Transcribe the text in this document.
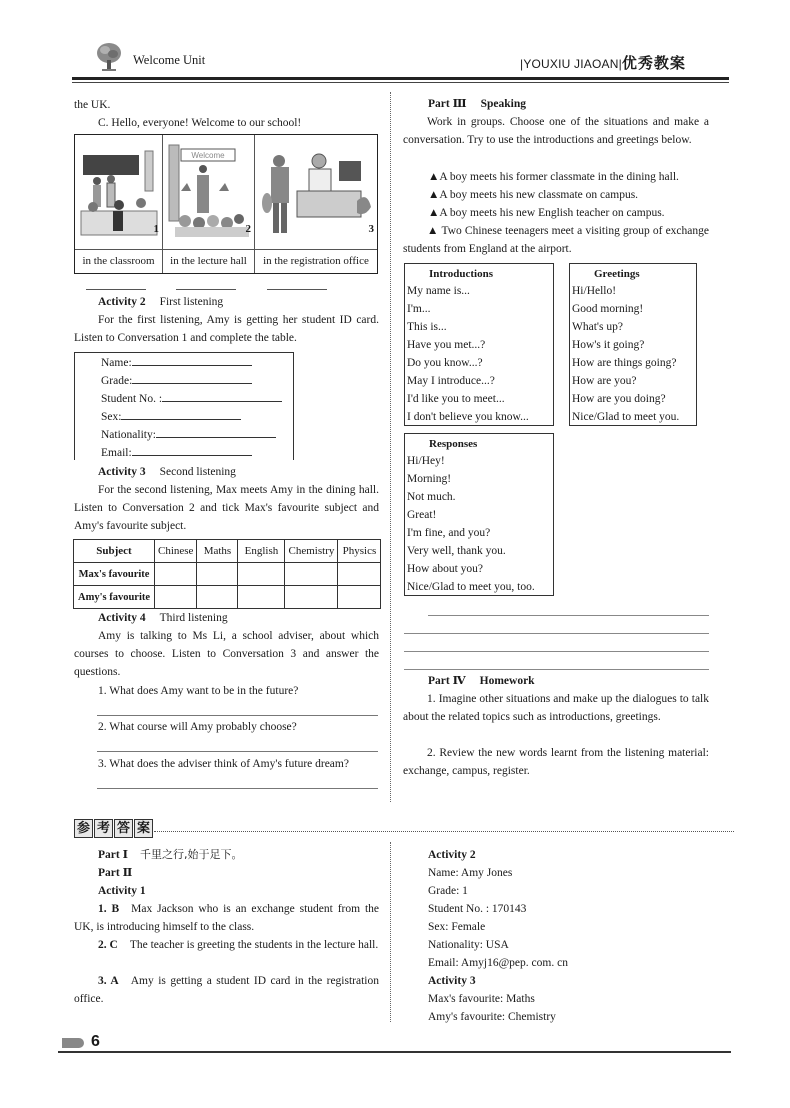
Welcome Unit	|YOUXIU JIAOAN|优秀教案
the UK.
C. Hello, everyone! Welcome to our school!
1
in the classroom
Welcome
2
in the lecture hall
3
in the registration office
Activity 2 First listening
For the first listening, Amy is getting her student ID card. Listen to Conversation 1 and complete the table.
Name:
Grade:
Student No. :
Sex:
Nationality:
Email:
Activity 3 Second listening
For the second listening, Max meets Amy in the dining hall. Listen to Conversation 2 and tick Max's favourite subject and Amy's favourite subject.
Subject	Chinese	Maths	English	Chemistry	Physics
Max's favourite					
Amy's favourite					
Activity 4 Third listening
Amy is talking to Ms Li, a school adviser, about which courses to choose. Listen to Conversation 3 and answer the questions.
1. What does Amy want to be in the future?
2. What course will Amy probably choose?
3. What does the adviser think of Amy's future dream?
Part Ⅲ Speaking
Work in groups. Choose one of the situations and make a conversation. Try to use the introductions and greetings below.
▲A boy meets his former classmate in the dining hall.
▲A boy meets his new classmate on campus.
▲A boy meets his new English teacher on campus.
▲ Two Chinese teenagers meet a visiting group of exchange students from England at the airport.
Introductions
My name is...
I'm...
This is...
Have you met...?
Do you know...?
May I introduce...?
I'd like you to meet...
I don't believe you know...
Greetings
Hi/Hello!
Good morning!
What's up?
How's it going?
How are things going?
How are you?
How are you doing?
Nice/Glad to meet you.
Responses
Hi/Hey!
Morning!
Not much.
Great!
I'm fine, and you?
Very well, thank you.
How about you?
Nice/Glad to meet you, too.
Part Ⅳ Homework
1. Imagine other situations and make up the dialogues to talk about the related topics such as introductions, greetings.
2. Review the new words learnt from the listening material: exchange, campus, register.
参 考 答 案
Part Ⅰ 千里之行,始于足下。
Part Ⅱ
Activity 1
1. B Max Jackson who is an exchange student from the UK, is introducing himself to the class.
2. C The teacher is greeting the students in the lecture hall.
3. A Amy is getting a student ID card in the registration office.
Activity 2
Name: Amy Jones
Grade: 1
Student No. : 170143
Sex: Female
Nationality: USA
Email: Amyj16@pep. com. cn
Activity 3
Max's favourite: Maths
Amy's favourite: Chemistry
6
